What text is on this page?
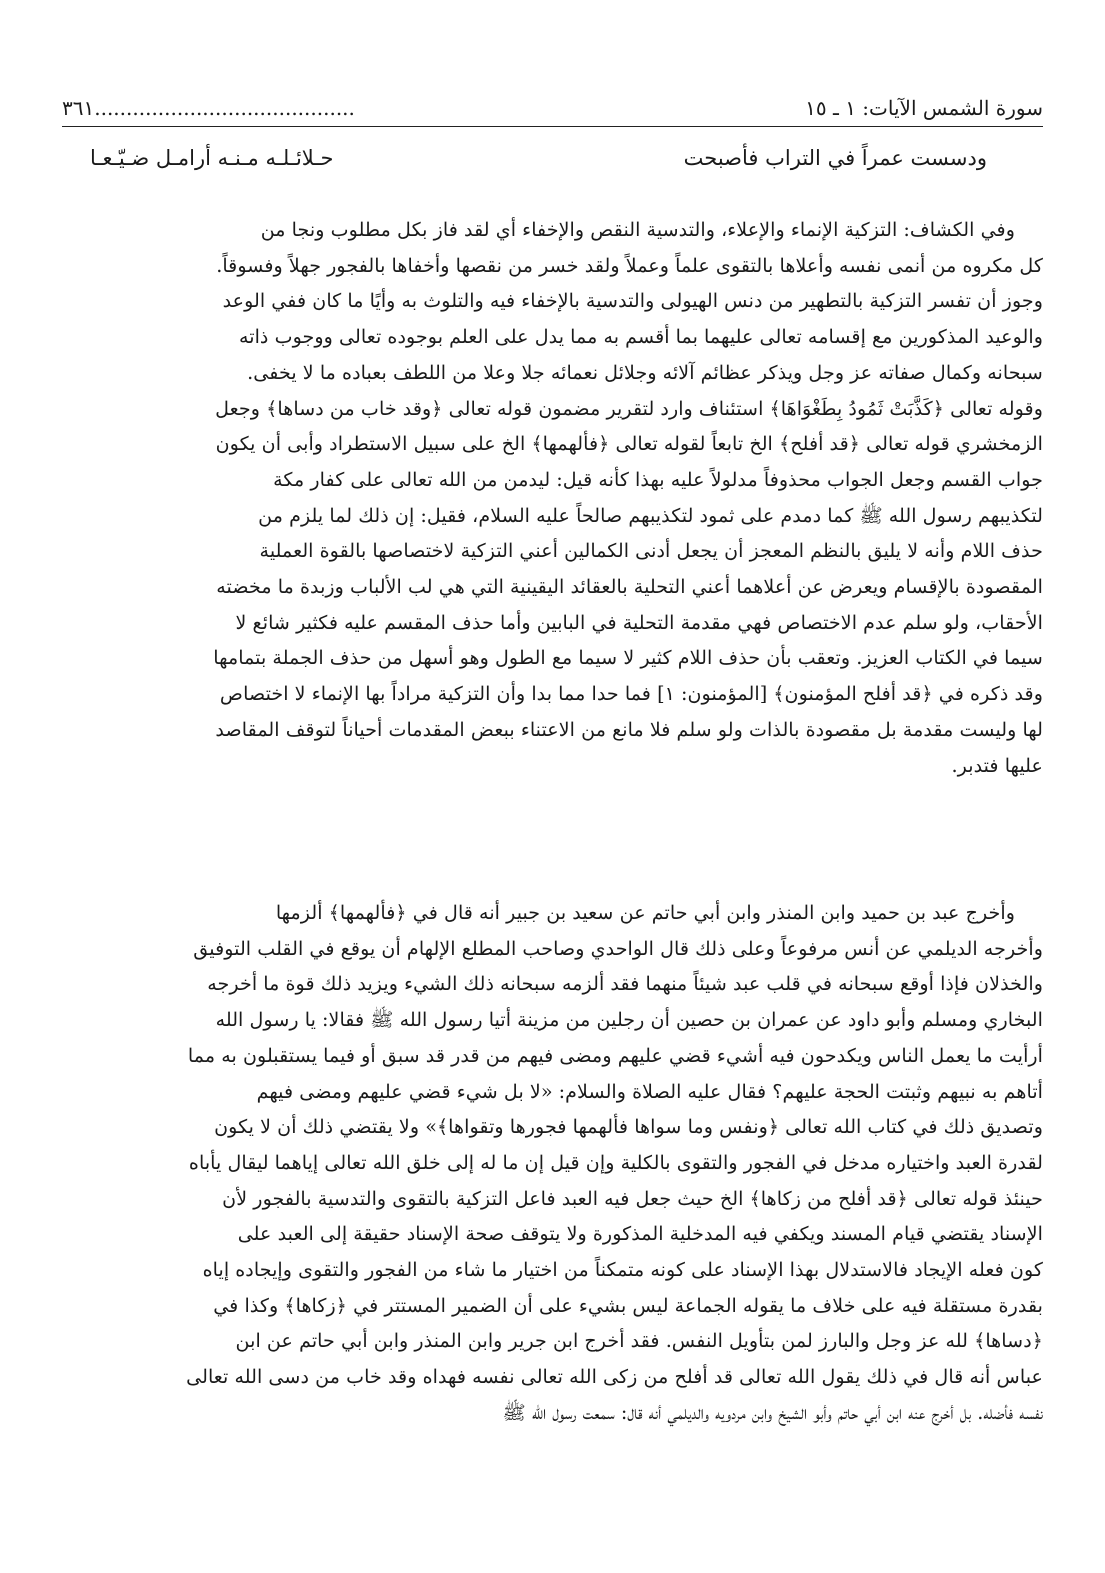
سورة الشمس الآيات: ١ ـ ١٥
.........................................٣٦١
ودسست عمراً في التراب فأصبحت
حـلائـلـه مـنـه أرامـل ضـيّـعـا
وفي الكشاف: التزكية الإنماء والإعلاء، والتدسية النقص والإخفاء أي لقد فاز بكل مطلوب ونجا من
كل مكروه من أنمى نفسه وأعلاها بالتقوى علماً وعملاً ولقد خسر من نقصها وأخفاها بالفجور جهلاً وفسوقاً.
وجوز أن تفسر التزكية بالتطهير من دنس الهيولى والتدسية بالإخفاء فيه والتلوث به وأيًا ما كان ففي الوعد
والوعيد المذكورين مع إقسامه تعالى عليهما بما أقسم به مما يدل على العلم بوجوده تعالى ووجوب ذاته
سبحانه وكمال صفاته عز وجل ويذكر عظائم آلائه وجلائل نعمائه جلا وعلا من اللطف بعباده ما لا يخفى.
وقوله تعالى ﴿كَذَّبَتْ ثَمُودُ بِطَغْوَاهَا﴾ استئناف وارد لتقرير مضمون قوله تعالى ﴿وقد خاب من دساها﴾ وجعل
الزمخشري قوله تعالى ﴿قد أفلح﴾ الخ تابعاً لقوله تعالى ﴿فألهمها﴾ الخ على سبيل الاستطراد وأبى أن يكون
جواب القسم وجعل الجواب محذوفاً مدلولاً عليه بهذا كأنه قيل: ليدمن من الله تعالى على كفار مكة
لتكذيبهم رسول الله ﷺ كما دمدم على ثمود لتكذيبهم صالحاً عليه السلام، فقيل: إن ذلك لما يلزم من
حذف اللام وأنه لا يليق بالنظم المعجز أن يجعل أدنى الكمالين أعني التزكية لاختصاصها بالقوة العملية
المقصودة بالإقسام ويعرض عن أعلاهما أعني التحلية بالعقائد اليقينية التي هي لب الألباب وزبدة ما مخضته
الأحقاب، ولو سلم عدم الاختصاص فهي مقدمة التحلية في البابين وأما حذف المقسم عليه فكثير شائع لا
سيما في الكتاب العزيز. وتعقب بأن حذف اللام كثير لا سيما مع الطول وهو أسهل من حذف الجملة بتمامها
وقد ذكره في ﴿قد أفلح المؤمنون﴾ [المؤمنون: ١] فما حدا مما بدا وأن التزكية مراداً بها الإنماء لا اختصاص
لها وليست مقدمة بل مقصودة بالذات ولو سلم فلا مانع من الاعتناء ببعض المقدمات أحياناً لتوقف المقاصد
عليها فتدبر.
وأخرج عبد بن حميد وابن المنذر وابن أبي حاتم عن سعيد بن جبير أنه قال في ﴿فألهمها﴾ ألزمها
وأخرجه الديلمي عن أنس مرفوعاً وعلى ذلك قال الواحدي وصاحب المطلع الإلهام أن يوقع في القلب التوفيق
والخذلان فإذا أوقع سبحانه في قلب عبد شيئاً منهما فقد ألزمه سبحانه ذلك الشيء ويزيد ذلك قوة ما أخرجه
البخاري ومسلم وأبو داود عن عمران بن حصين أن رجلين من مزينة أتيا رسول الله ﷺ فقالا: يا رسول الله
أرأيت ما يعمل الناس ويكدحون فيه أشيء قضي عليهم ومضى فيهم من قدر قد سبق أو فيما يستقبلون به مما
أتاهم به نبيهم وثبتت الحجة عليهم؟ فقال عليه الصلاة والسلام: «لا بل شيء قضي عليهم ومضى فيهم
وتصديق ذلك في كتاب الله تعالى ﴿ونفس وما سواها فألهمها فجورها وتقواها﴾» ولا يقتضي ذلك أن لا يكون
لقدرة العبد واختياره مدخل في الفجور والتقوى بالكلية وإن قيل إن ما له إلى خلق الله تعالى إياهما ليقال يأباه
حينئذ قوله تعالى ﴿قد أفلح من زكاها﴾ الخ حيث جعل فيه العبد فاعل التزكية بالتقوى والتدسية بالفجور لأن
الإسناد يقتضي قيام المسند ويكفي فيه المدخلية المذكورة ولا يتوقف صحة الإسناد حقيقة إلى العبد على
كون فعله الإيجاد فالاستدلال بهذا الإسناد على كونه متمكناً من اختيار ما شاء من الفجور والتقوى وإيجاده إياه
بقدرة مستقلة فيه على خلاف ما يقوله الجماعة ليس بشيء على أن الضمير المستتر في ﴿زكاها﴾ وكذا في
﴿دساها﴾ لله عز وجل والبارز لمن بتأويل النفس. فقد أخرج ابن جرير وابن المنذر وابن أبي حاتم عن ابن
عباس أنه قال في ذلك يقول الله تعالى قد أفلح من زكى الله تعالى نفسه فهداه وقد خاب من دسى الله تعالى
نفسه فأضله. بل أخرج عنه ابن أبي حاتم وأبو الشيخ وابن مردويه والديلمي أنه قال: سمعت رسول الله ﷺ
